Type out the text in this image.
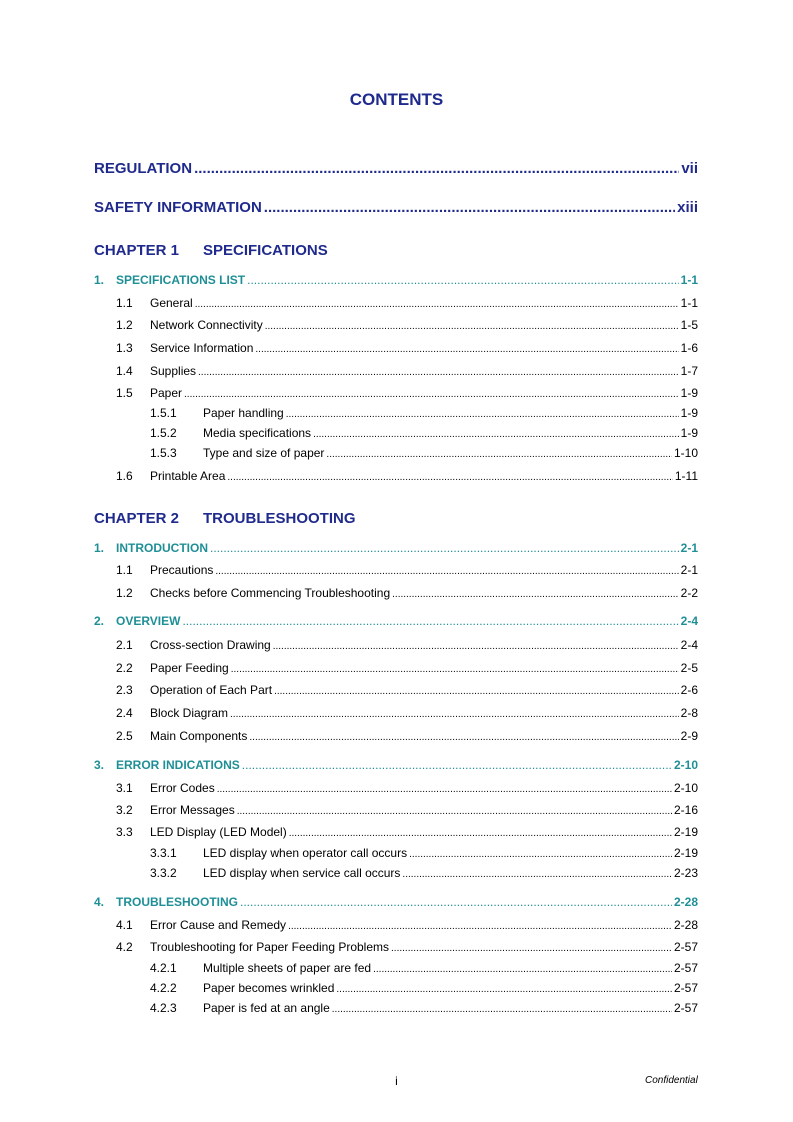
CONTENTS
REGULATION .....	vii
SAFETY INFORMATION .....	xiii
CHAPTER 1 SPECIFICATIONS
CHAPTER 2 TROUBLESHOOTING
1. SPECIFICATIONS LIST .....	1-1
1.1	General .....	1-1
1.2	Network Connectivity .....	1-5
1.3	Service Information .....	1-6
1.4	Supplies .....	1-7
1.5	Paper .....	1-9
1.5.1	Paper handling .....	1-9
1.5.2	Media specifications .....	1-9
1.5.3	Type and size of paper .....	1-10
1.6	Printable Area .....	1-11
1. INTRODUCTION .....	2-1
1.1	Precautions .....	2-1
1.2	Checks before Commencing Troubleshooting .....	2-2
2. OVERVIEW .....	2-4
2.1	Cross-section Drawing .....	2-4
2.2	Paper Feeding .....	2-5
2.3	Operation of Each Part .....	2-6
2.4	Block Diagram .....	2-8
2.5	Main Components .....	2-9
3. ERROR INDICATIONS .....	2-10
3.1	Error Codes .....	2-10
3.2	Error Messages .....	2-16
3.3	LED Display (LED Model) .....	2-19
3.3.1	LED display when operator call occurs .....	2-19
3.3.2	LED display when service call occurs .....	2-23
4. TROUBLESHOOTING .....	2-28
4.1	Error Cause and Remedy .....	2-28
4.2	Troubleshooting for Paper Feeding Problems .....	2-57
4.2.1	Multiple sheets of paper are fed .....	2-57
4.2.2	Paper becomes wrinkled .....	2-57
4.2.3	Paper is fed at an angle .....	2-57
i	Confidential
